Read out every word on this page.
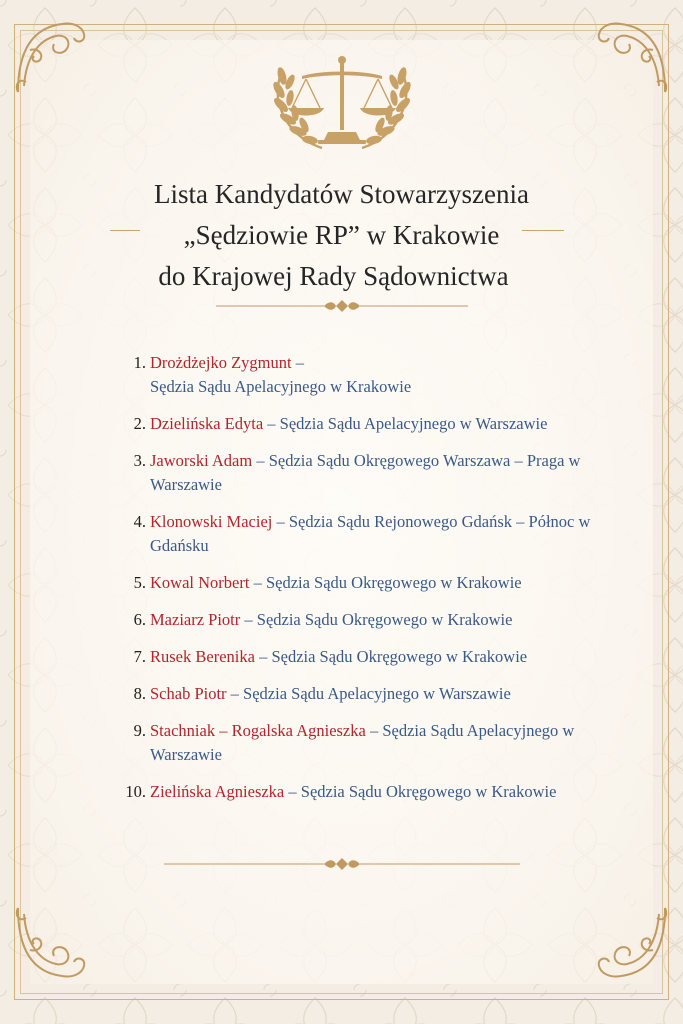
Lista Kandydatów Stowarzyszenia
„Sędziowie RP” w Krakowie
do Krajowej Rady Sądownictwa
1. Drożdżejko Zygmunt – Sędzia Sądu Apelacyjnego w Krakowie
2. Dzielińska Edyta – Sędzia Sądu Apelacyjnego w Warszawie
3. Jaworski Adam – Sędzia Sądu Okręgowego Warszawa – Praga w Warszawie
4. Klonowski Maciej – Sędzia Sądu Rejonowego Gdańsk – Północ w Gdańsku
5. Kowal Norbert – Sędzia Sądu Okręgowego w Krakowie
6. Maziarz Piotr – Sędzia Sądu Okręgowego w Krakowie
7. Rusek Berenika – Sędzia Sądu Okręgowego w Krakowie
8. Schab Piotr – Sędzia Sądu Apelacyjnego w Warszawie
9. Stachniak – Rogalska Agnieszka – Sędzia Sądu Apelacyjnego w Warszawie
10. Zielińska Agnieszka – Sędzia Sądu Okręgowego w Krakowie
